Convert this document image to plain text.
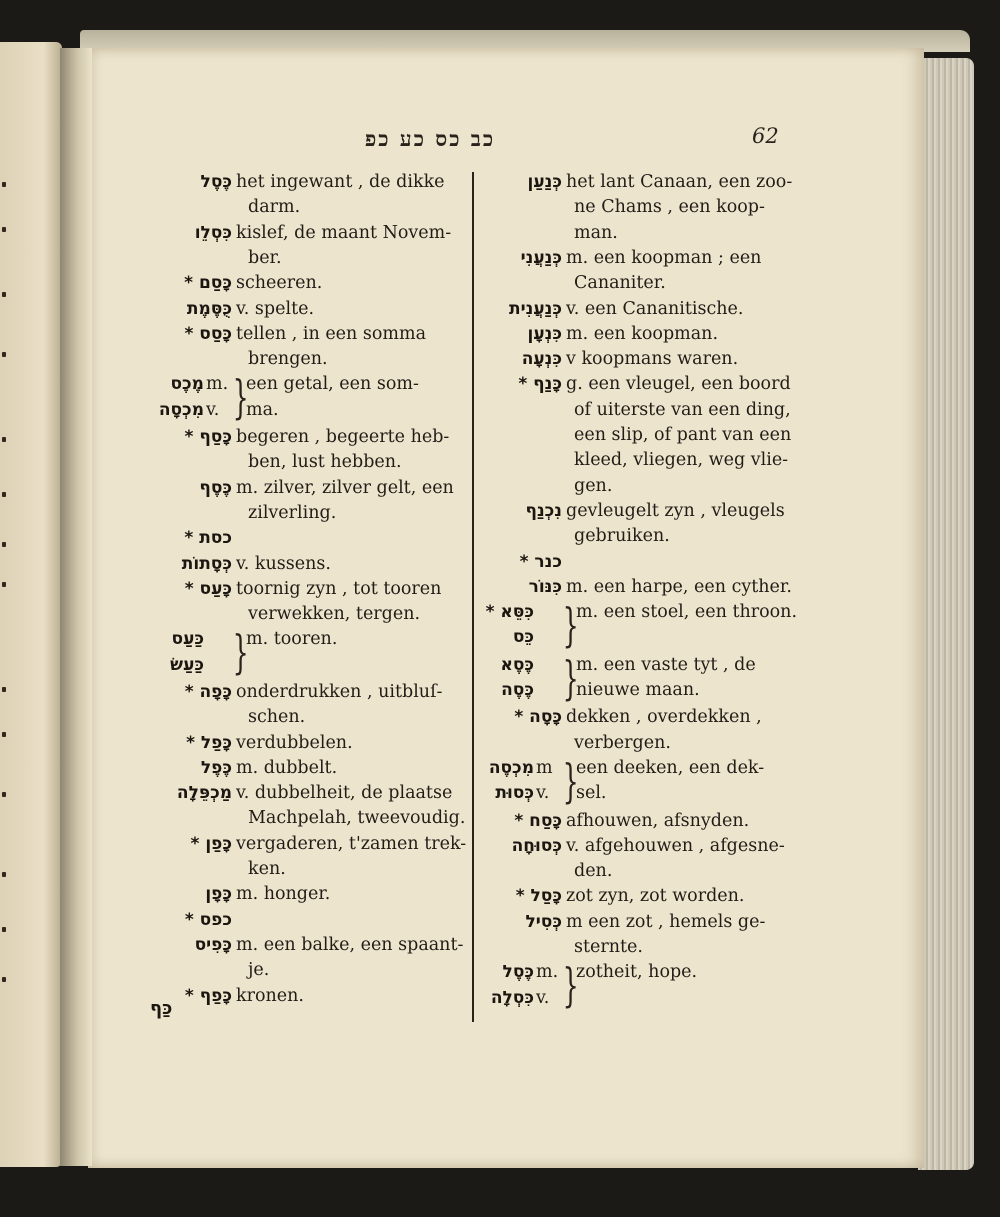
כב כס כע כפ	62
כֶּסֶל het ingewant , de dikke
darm.
כִּסְלֵו kislef, de maant Novem-
ber.
כָּסַם * scheeren.
כֻּסֶּמֶת v. spelte.
כָּסַס * tellen , in een somma
brengen.
מֶכֶס
מִכְסָה
m.
v. }
een getal, een som-
ma.
כָּסַף * begeren , begeerte heb-
ben, lust hebben.
כֶּסֶף m. zilver, zilver gelt, een
zilverling.
כסת *
כְּסָתוֹת v. kussens.
כָּעַס * toornig zyn , tot tooren
verwekken, tergen.
כַּעַס
כַּעַשׂ }
m. tooren.
כָּפָה * onderdrukken , uitbluſ-
schen.
כָּפַל * verdubbelen.
כֶּפֶל m. dubbelt.
מַכְפֵּלָה v. dubbelheit, de plaatse
Machpelah, tweevoudig.
כָּפַן * vergaderen, t'zamen trek-
ken.
כָּפָן m. honger.
כפס *
כָּפִיס m. een balke, een spaant-
je.
כָּפַף * kronen.
כְּנַעַן het lant Canaan, een zoo-
ne Chams , een koop-
man.
כְּנַעֲנִי m. een koopman ; een
Cananiter.
כְּנַעֲנִית v. een Cananitische.
כִּנְעָן m. een koopman.
כִּנְעָה v koopmans waren.
כָּנַף * g. een vleugel, een boord
of uiterste van een ding,
een slip, of pant van een
kleed, vliegen, weg vlie-
gen.
נִכְנַף gevleugelt zyn , vleugels
gebruiken.
כנר *
כִּנּוֹר m. een harpe, een cyther.
כִּסֵּא *
כֵּס }
m. een stoel, een throon.
כֶּסֶא
כֶּסֶה }
m. een vaste tyt , de
nieuwe maan.
כָּסָה * dekken , overdekken ,
verbergen.
מִכְסֶה
כְּסוּת
m
v. }
een deeken, een dek-
sel.
כָּסַח * afhouwen, afsnyden.
כְּסוּחָה v. afgehouwen , afgesne-
den.
כָּסַל * zot zyn, zot worden.
כְּסִיל m een zot , hemels ge-
sternte.
כֶּסֶל
כִּסְלָה
m.
v. }
zotheit, hope.
כַּף
